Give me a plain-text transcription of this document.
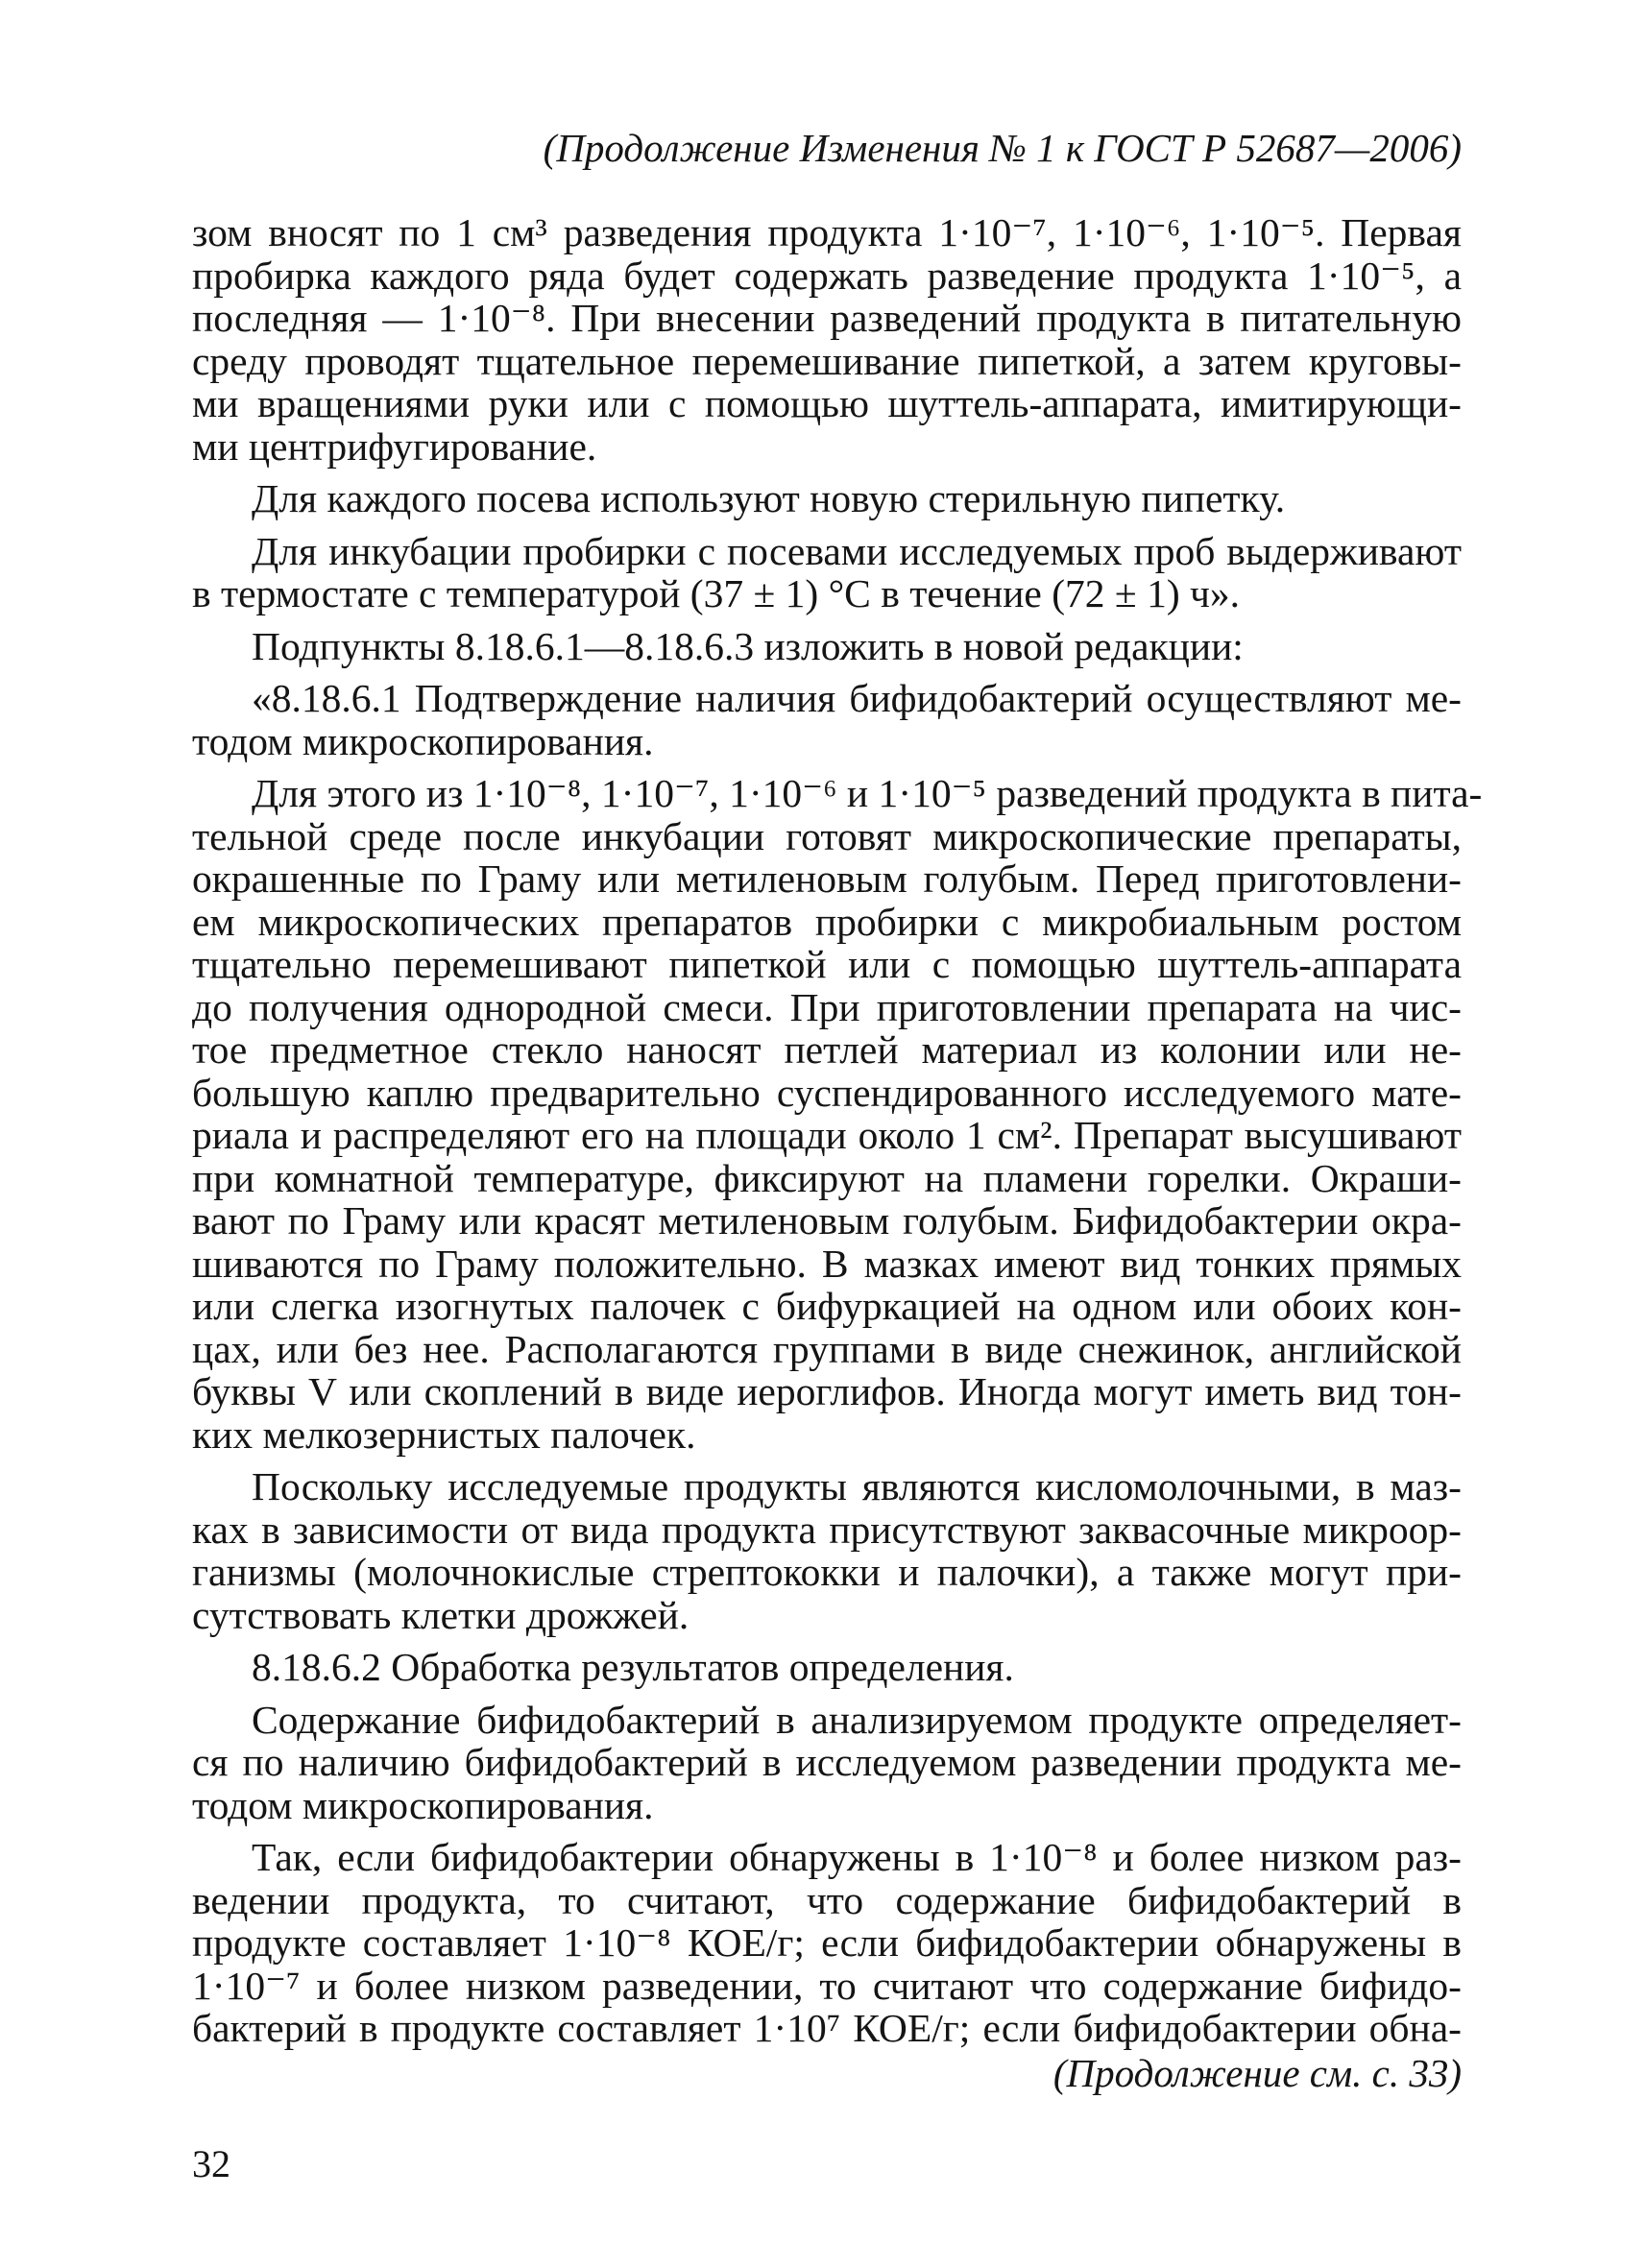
(Продолжение Изменения № 1 к ГОСТ Р 52687—2006)

зом вносят по 1 см³ разведения продукта 1·10⁻⁷, 1·10⁻⁶, 1·10⁻⁵. Первая
пробирка каждого ряда будет содержать разведение продукта 1·10⁻⁵, а
последняя — 1·10⁻⁸. При внесении разведений продукта в питательную
среду проводят тщательное перемешивание пипеткой, а затем круговы-
ми вращениями руки или с помощью шуттель-аппарата, имитирующи-
ми центрифугирование.

Для каждого посева используют новую стерильную пипетку.

Для инкубации пробирки с посевами исследуемых проб выдерживают
в термостате с температурой (37 ± 1) °С в течение (72 ± 1) ч».

Подпункты 8.18.6.1—8.18.6.3 изложить в новой редакции:

«8.18.6.1 Подтверждение наличия бифидобактерий осуществляют ме-
тодом микроскопирования.

Для этого из 1·10⁻⁸, 1·10⁻⁷, 1·10⁻⁶ и 1·10⁻⁵ разведений продукта в пита-
тельной среде после инкубации готовят микроскопические препараты,
окрашенные по Граму или метиленовым голубым. Перед приготовлени-
ем микроскопических препаратов пробирки с микробиальным ростом
тщательно перемешивают пипеткой или с помощью шуттель-аппарата
до получения однородной смеси. При приготовлении препарата на чис-
тое предметное стекло наносят петлей материал из колонии или не-
большую каплю предварительно суспендированного исследуемого мате-
риала и распределяют его на площади около 1 см². Препарат высушивают
при комнатной температуре, фиксируют на пламени горелки. Окраши-
вают по Граму или красят метиленовым голубым. Бифидобактерии окра-
шиваются по Граму положительно. В мазках имеют вид тонких прямых
или слегка изогнутых палочек с бифуркацией на одном или обоих кон-
цах, или без нее. Располагаются группами в виде снежинок, английской
буквы V или скоплений в виде иероглифов. Иногда могут иметь вид тон-
ких мелкозернистых палочек.

Поскольку исследуемые продукты являются кисломолочными, в маз-
ках в зависимости от вида продукта присутствуют заквасочные микроор-
ганизмы (молочнокислые стрептококки и палочки), а также могут при-
сутствовать клетки дрожжей.

8.18.6.2 Обработка результатов определения.

Содержание бифидобактерий в анализируемом продукте определяет-
ся по наличию бифидобактерий в исследуемом разведении продукта ме-
тодом микроскопирования.

Так, если бифидобактерии обнаружены в 1·10⁻⁸ и более низком раз-
ведении продукта, то считают, что содержание бифидобактерий в
продукте составляет 1·10⁻⁸ КОЕ/г; если бифидобактерии обнаружены в
1·10⁻⁷ и более низком разведении, то считают что содержание бифидо-
бактерий в продукте составляет 1·10⁷ КОЕ/г; если бифидобактерии обна-

(Продолжение см. с. 33)
32
